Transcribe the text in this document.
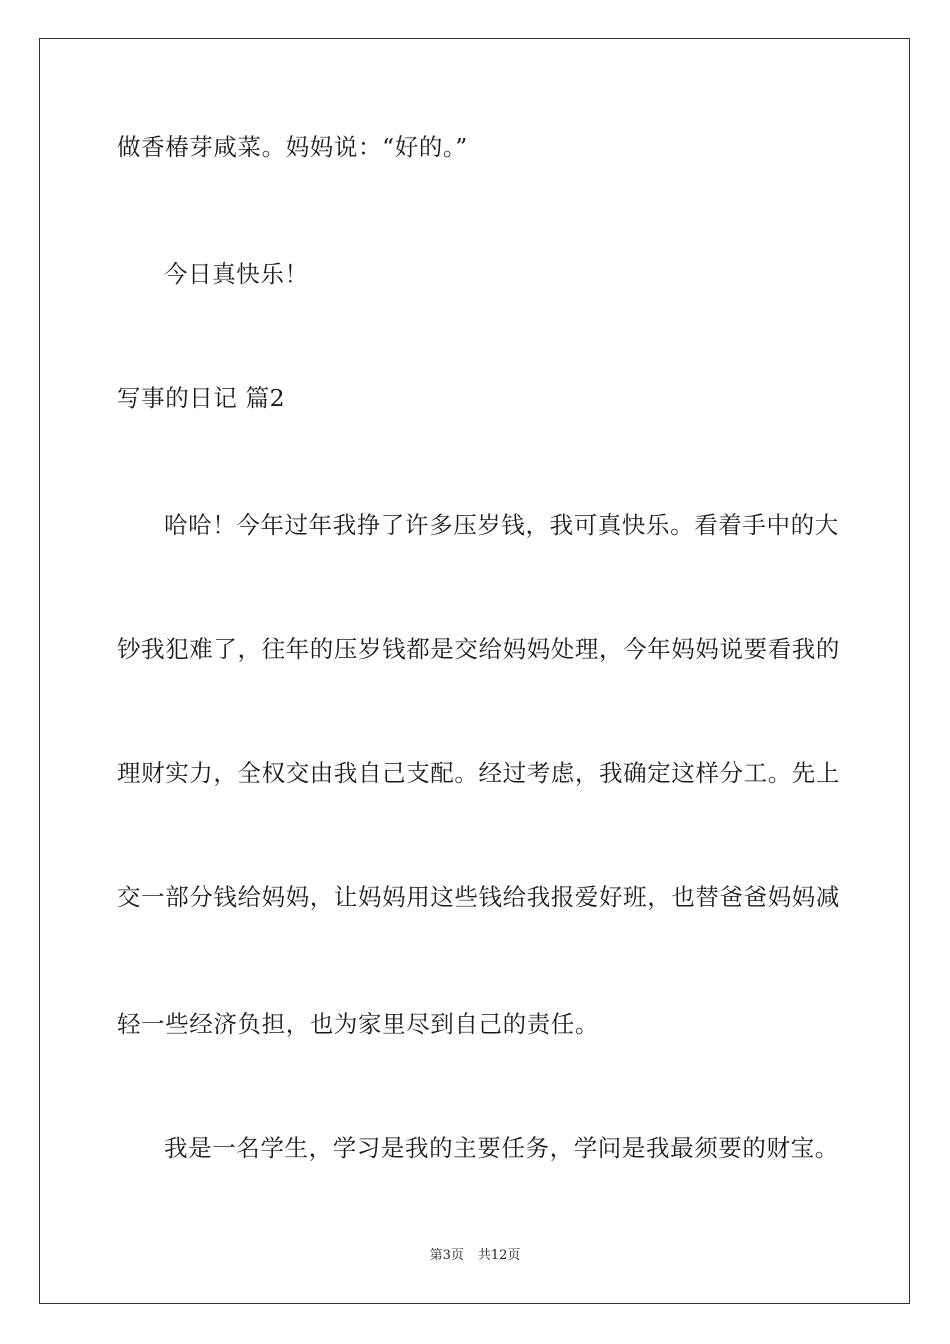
做香椿芽咸菜。妈妈说：“好的。”
今日真快乐！
写事的日记 篇2
哈哈！今年过年我挣了许多压岁钱，我可真快乐。看着手中的大
钞我犯难了，往年的压岁钱都是交给妈妈处理，今年妈妈说要看我的
理财实力，全权交由我自己支配。经过考虑，我确定这样分工。先上
交一部分钱给妈妈，让妈妈用这些钱给我报爱好班，也替爸爸妈妈减
轻一些经济负担，也为家里尽到自己的责任。
我是一名学生，学习是我的主要任务，学问是我最须要的财宝。
第3页 共12页
